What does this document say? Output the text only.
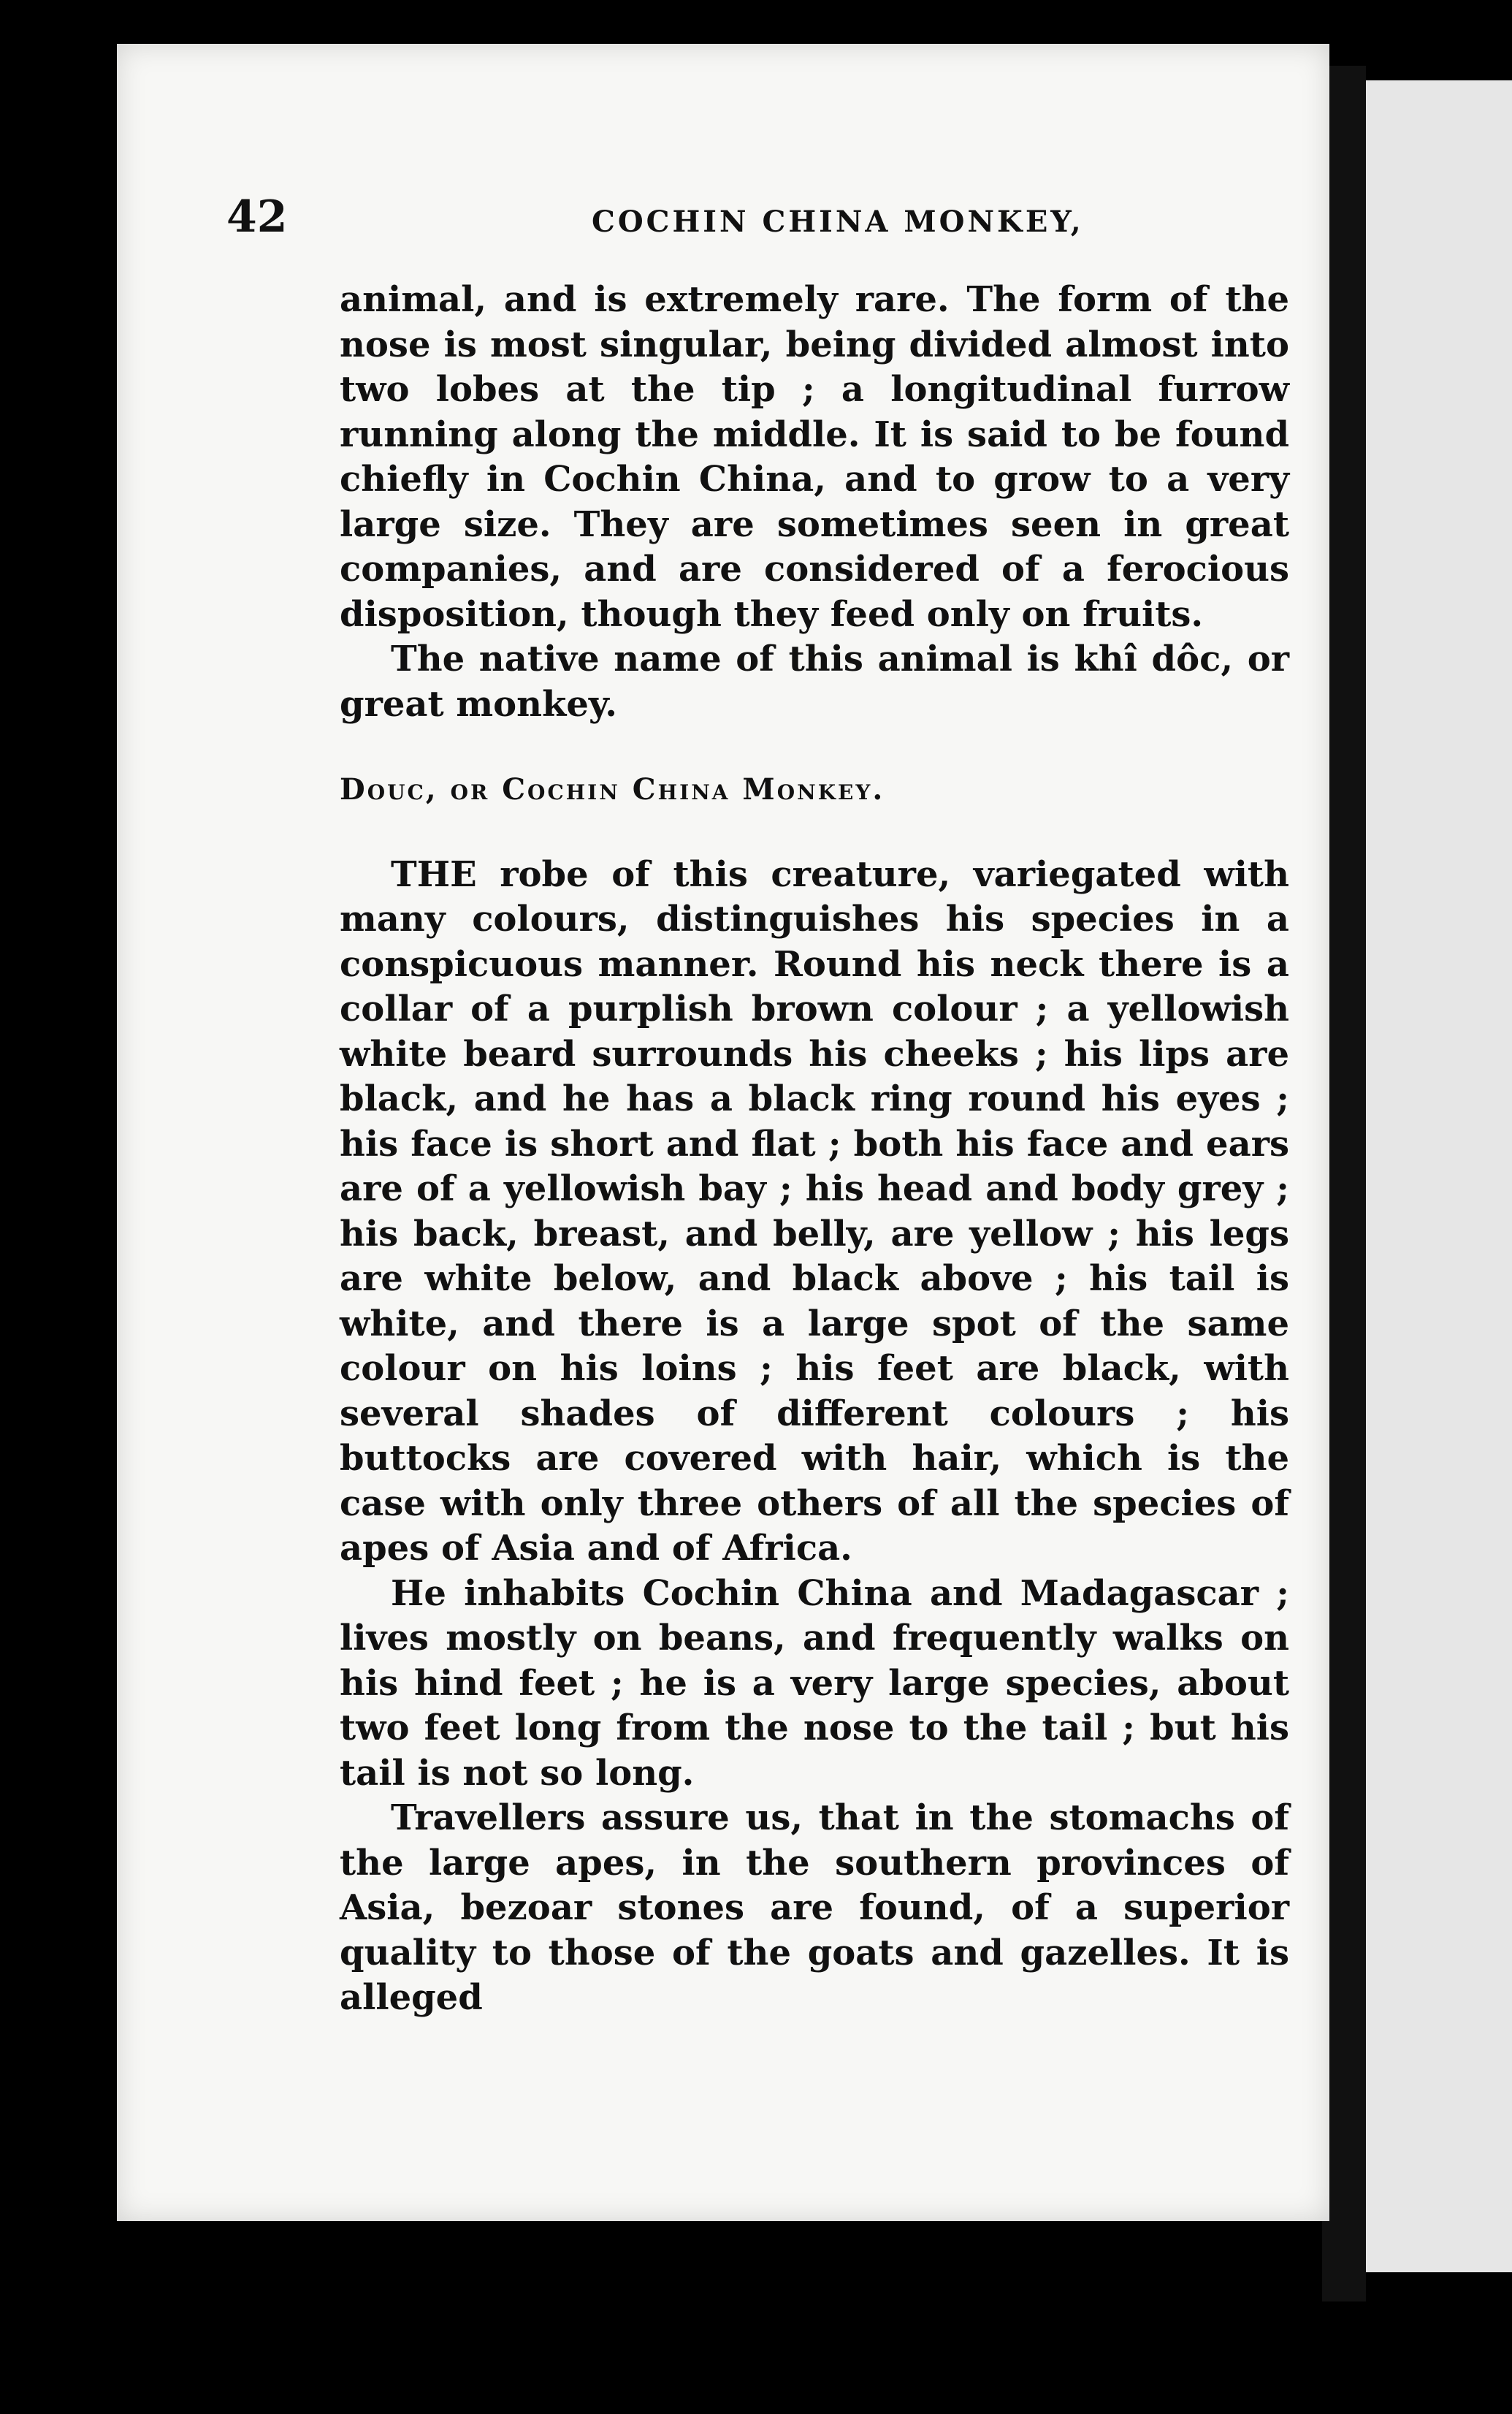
42	COCHIN CHINA MONKEY,

animal, and is extremely rare. The form of the nose is most singular, being divided almost into two lobes at the tip ; a longitudinal furrow running along the middle. It is said to be found chiefly in Cochin China, and to grow to a very large size. They are sometimes seen in great companies, and are considered of a ferocious disposition, though they feed only on fruits.

The native name of this animal is khî dôc, or great monkey.

Douc, or Cochin China Monkey.

THE robe of this creature, variegated with many colours, distinguishes his species in a conspicuous manner. Round his neck there is a collar of a purplish brown colour ; a yellowish white beard surrounds his cheeks ; his lips are black, and he has a black ring round his eyes ; his face is short and flat ; both his face and ears are of a yellowish bay ; his head and body grey ; his back, breast, and belly, are yellow ; his legs are white below, and black above ; his tail is white, and there is a large spot of the same colour on his loins ; his feet are black, with several shades of different colours ; his buttocks are covered with hair, which is the case with only three others of all the species of apes of Asia and of Africa.

He inhabits Cochin China and Madagascar ; lives mostly on beans, and frequently walks on his hind feet ; he is a very large species, about two feet long from the nose to the tail ; but his tail is not so long.

Travellers assure us, that in the stomachs of the large apes, in the southern provinces of Asia, bezoar stones are found, of a superior quality to those of the goats and gazelles. It is alleged
